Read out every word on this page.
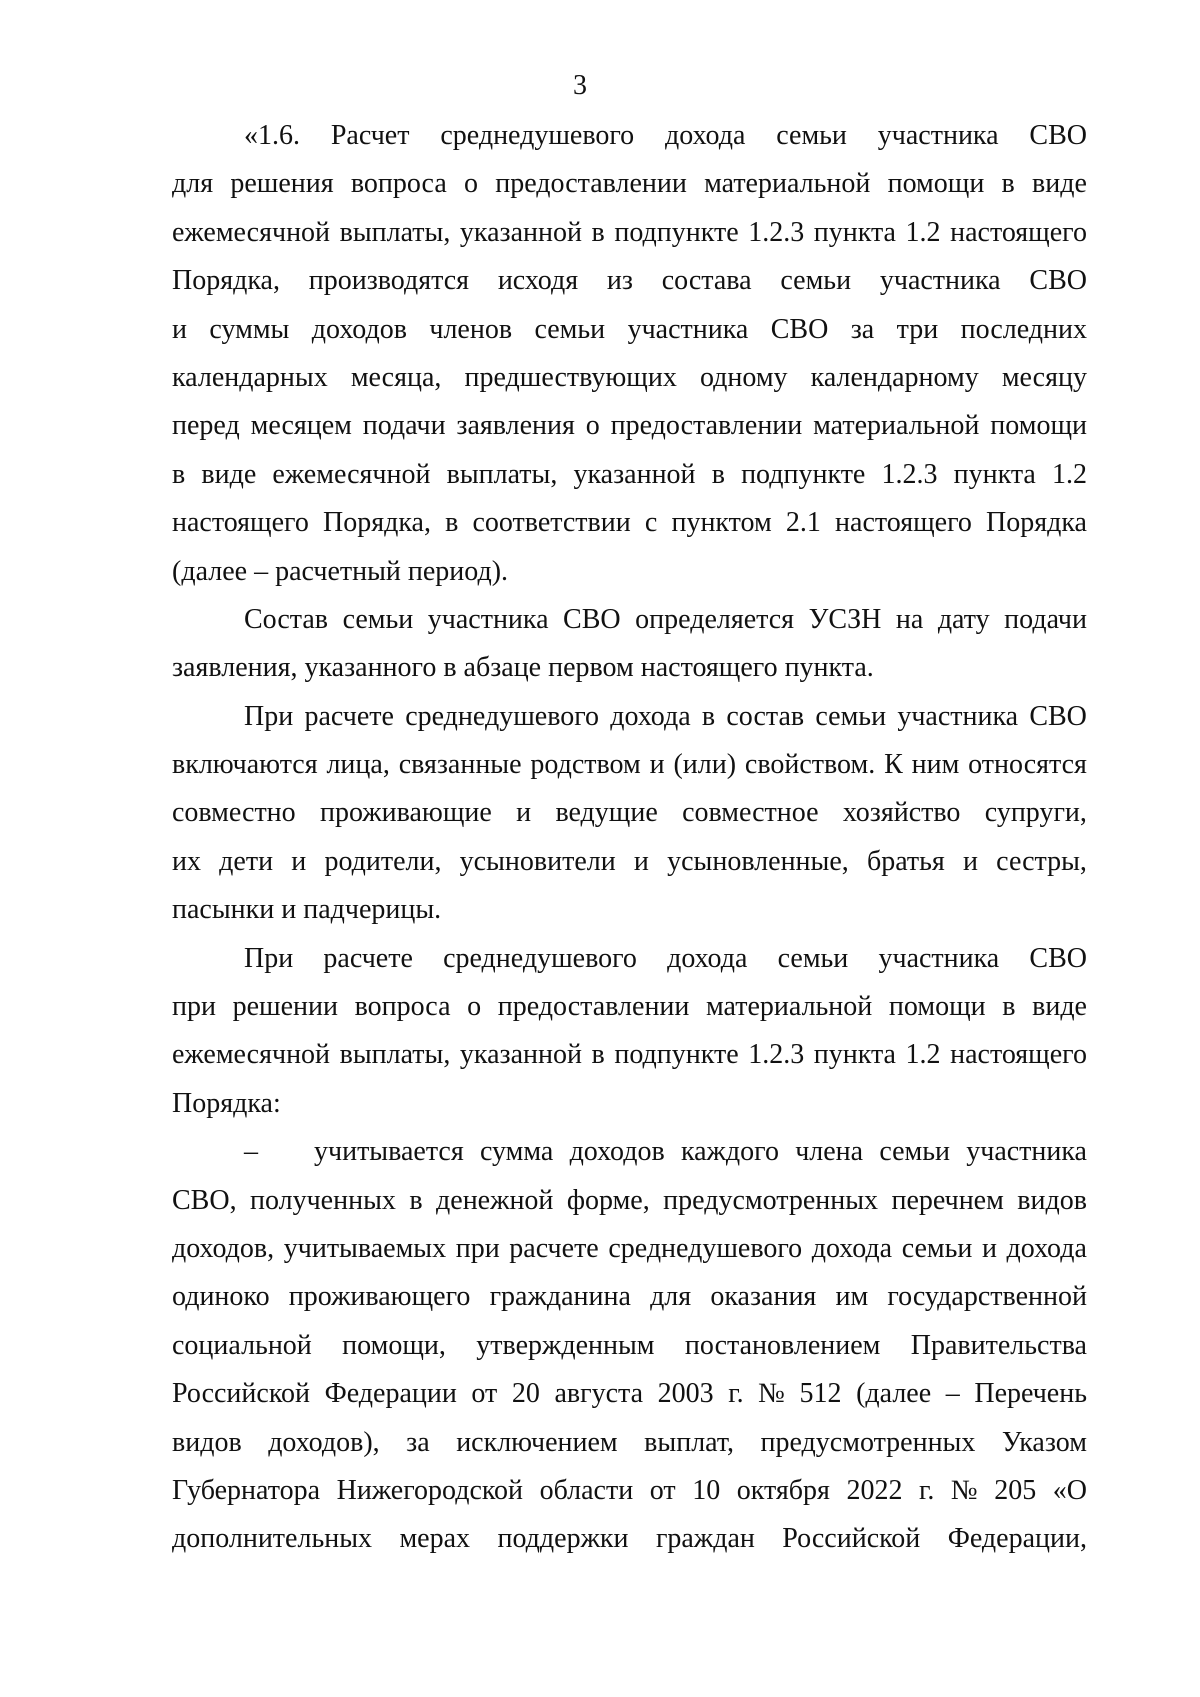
3
«1.6. Расчет среднедушевого дохода семьи участника СВО
для решения вопроса о предоставлении материальной помощи в виде
ежемесячной выплаты, указанной в подпункте 1.2.3 пункта 1.2 настоящего
Порядка, производятся исходя из состава семьи участника СВО
и суммы доходов членов семьи участника СВО за три последних
календарных месяца, предшествующих одному календарному месяцу
перед месяцем подачи заявления о предоставлении материальной помощи
в виде ежемесячной выплаты, указанной в подпункте 1.2.3 пункта 1.2
настоящего Порядка, в соответствии с пунктом 2.1 настоящего Порядка
(далее – расчетный период).
Состав семьи участника СВО определяется УСЗН на дату подачи
заявления, указанного в абзаце первом настоящего пункта.
При расчете среднедушевого дохода в состав семьи участника СВО
включаются лица, связанные родством и (или) свойством. К ним относятся
совместно проживающие и ведущие совместное хозяйство супруги,
их дети и родители, усыновители и усыновленные, братья и сестры,
пасынки и падчерицы.
При расчете среднедушевого дохода семьи участника СВО
при решении вопроса о предоставлении материальной помощи в виде
ежемесячной выплаты, указанной в подпункте 1.2.3 пункта 1.2 настоящего
Порядка:
–	учитывается сумма доходов каждого члена семьи участника
СВО, полученных в денежной форме, предусмотренных перечнем видов
доходов, учитываемых при расчете среднедушевого дохода семьи и дохода
одиноко проживающего гражданина для оказания им государственной
социальной помощи, утвержденным постановлением Правительства
Российской Федерации от 20 августа 2003 г. № 512 (далее – Перечень
видов доходов), за исключением выплат, предусмотренных Указом
Губернатора Нижегородской области от 10 октября 2022 г. № 205 «О
дополнительных мерах поддержки граждан Российской Федерации,
